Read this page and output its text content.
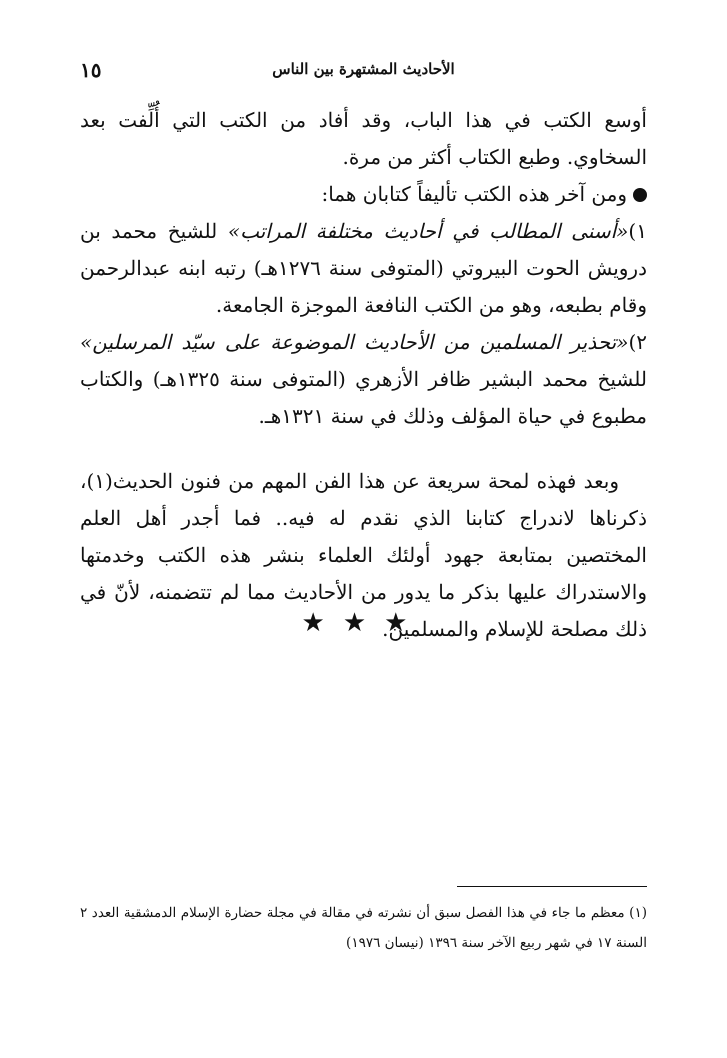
الأحاديث المشتهرة بين الناس
١٥

أوسع الكتب في هذا الباب، وقد أفاد من الكتب التي أُلِّفت بعد السخاوي. وطبع الكتاب أكثر من مرة.

ومن آخر هذه الكتب تأليفاً كتابان هما:

١)«أسنى المطالب في أحاديث مختلفة المراتب» للشيخ محمد بن درويش الحوت البيروتي (المتوفى سنة ١٢٧٦هـ) رتبه ابنه عبدالرحمن وقام بطبعه، وهو من الكتب النافعة الموجزة الجامعة.

٢)«تحذير المسلمين من الأحاديث الموضوعة على سيّد المرسلين» للشيخ محمد البشير ظافر الأزهري (المتوفى سنة ١٣٢٥هـ) والكتاب مطبوع في حياة المؤلف وذلك في سنة ١٣٢١هـ.

وبعد فهذه لمحة سريعة عن هذا الفن المهم من فنون الحديث(١)، ذكرناها لاندراج كتابنا الذي نقدم له فيه.. فما أجدر أهل العلم المختصين بمتابعة جهود أولئك العلماء بنشر هذه الكتب وخدمتها والاستدراك عليها بذكر ما يدور من الأحاديث مما لم تتضمنه، لأنّ في ذلك مصلحة للإسلام والمسلمين.

★★★
(١) معظم ما جاء في هذا الفصل سبق أن نشرته في مقالة في مجلة حضارة الإسلام الدمشقية العدد ٢ السنة ١٧ في شهر ربيع الآخر سنة ١٣٩٦ (نيسان ١٩٧٦)
